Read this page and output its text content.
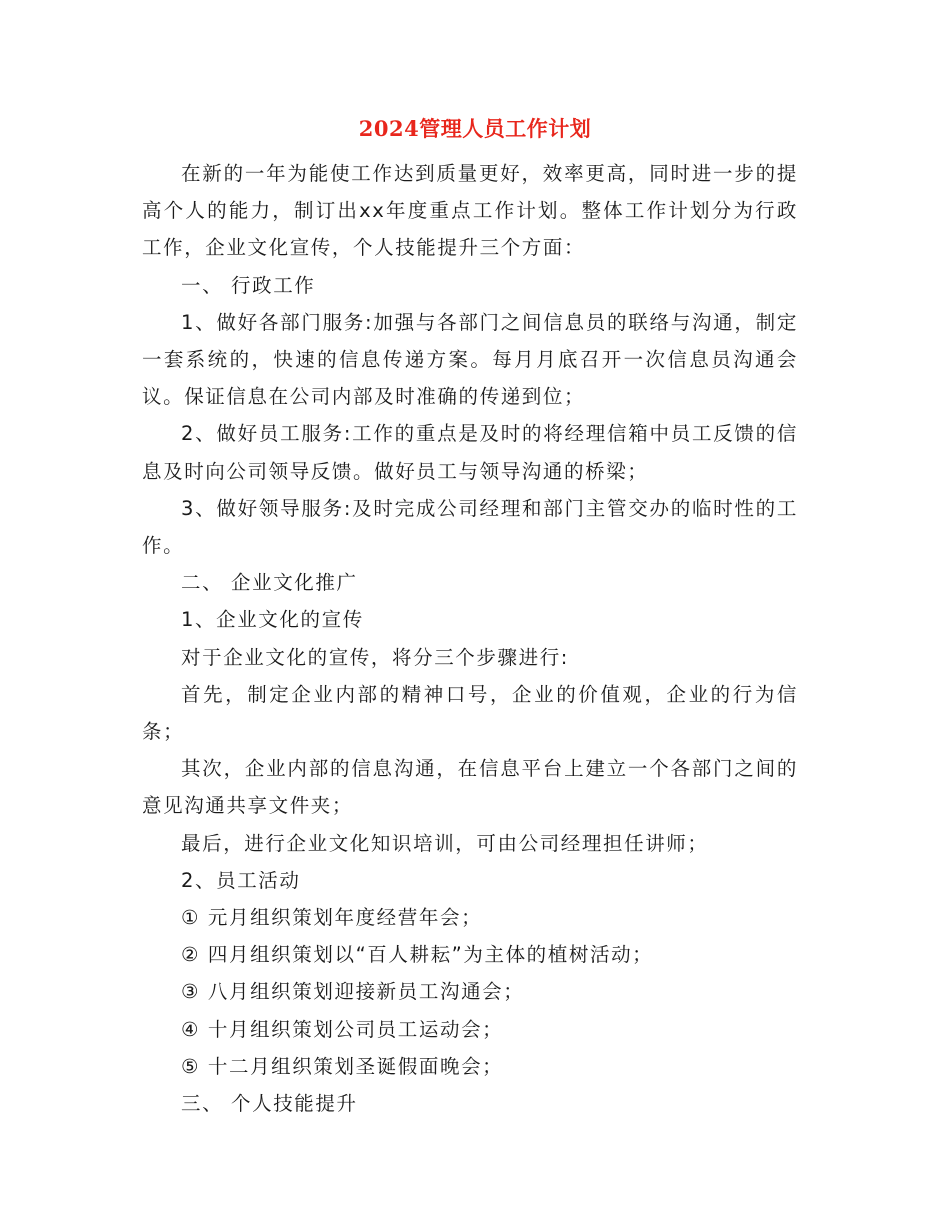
2024管理人员工作计划

在新的一年为能使工作达到质量更好，效率更高，同时进一步的提高个人的能力，制订出xx年度重点工作计划。整体工作计划分为行政工作，企业文化宣传，个人技能提升三个方面：

一、 行政工作

1、做好各部门服务:加强与各部门之间信息员的联络与沟通，制定一套系统的，快速的信息传递方案。每月月底召开一次信息员沟通会议。保证信息在公司内部及时准确的传递到位；

2、做好员工服务:工作的重点是及时的将经理信箱中员工反馈的信息及时向公司领导反馈。做好员工与领导沟通的桥梁；

3、做好领导服务:及时完成公司经理和部门主管交办的临时性的工作。

二、 企业文化推广

1、企业文化的宣传

对于企业文化的宣传，将分三个步骤进行:

首先，制定企业内部的精神口号，企业的价值观，企业的行为信条；

其次，企业内部的信息沟通，在信息平台上建立一个各部门之间的意见沟通共享文件夹；

最后，进行企业文化知识培训，可由公司经理担任讲师；

2、员工活动

① 元月组织策划年度经营年会；

② 四月组织策划以“百人耕耘”为主体的植树活动；

③ 八月组织策划迎接新员工沟通会；

④ 十月组织策划公司员工运动会；

⑤ 十二月组织策划圣诞假面晚会；

三、 个人技能提升
